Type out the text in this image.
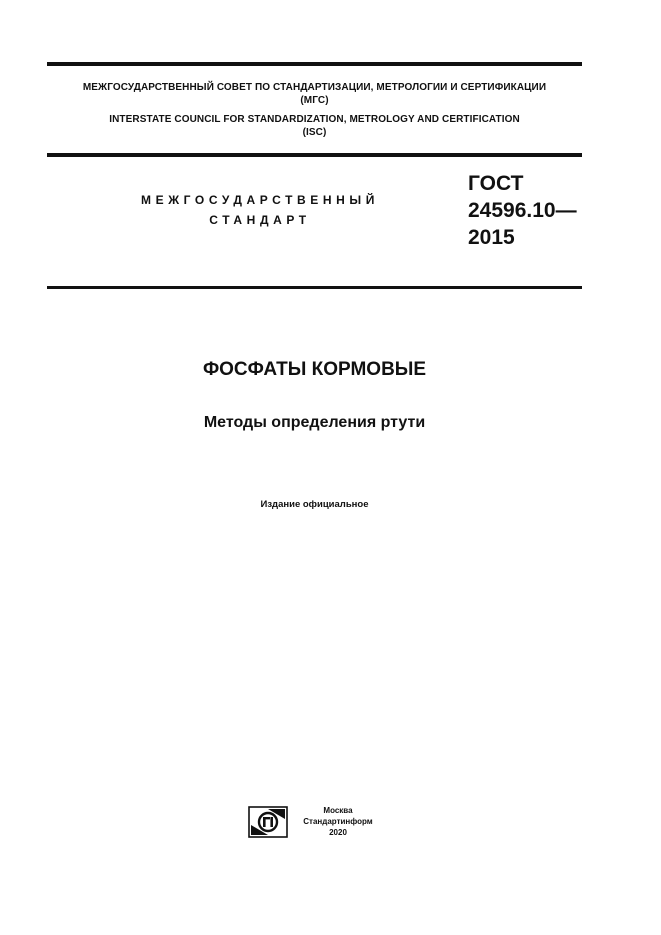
МЕЖГОСУДАРСТВЕННЫЙ СОВЕТ ПО СТАНДАРТИЗАЦИИ, МЕТРОЛОГИИ И СЕРТИФИКАЦИИ
(МГС)
INTERSTATE COUNCIL FOR STANDARDIZATION, METROLOGY AND CERTIFICATION
(ISC)
МЕЖГОСУДАРСТВЕННЫЙ
СТАНДАРТ
ГОСТ
24596.10—
2015
ФОСФАТЫ КОРМОВЫЕ
Методы определения ртути
Издание официальное
Москва
Стандартинформ
2020
